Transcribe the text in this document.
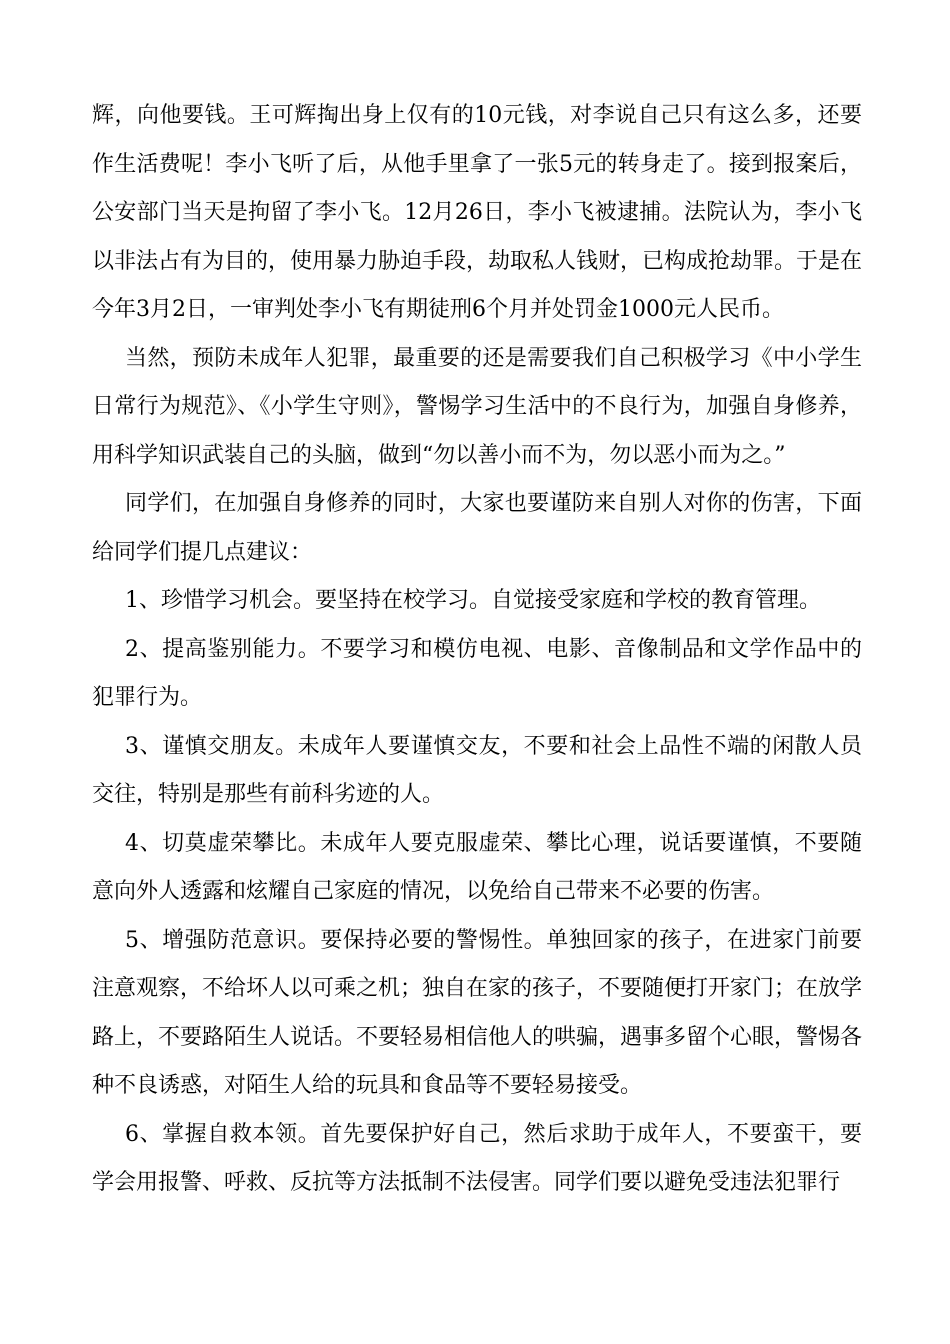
辉，向他要钱。王可辉掏出身上仅有的10元钱，对李说自己只有这么多，还要作生活费呢！李小飞听了后，从他手里拿了一张5元的转身走了。接到报案后，公安部门当天是拘留了李小飞。12月26日，李小飞被逮捕。法院认为，李小飞以非法占有为目的，使用暴力胁迫手段，劫取私人钱财，已构成抢劫罪。于是在今年3月2日，一审判处李小飞有期徒刑6个月并处罚金1000元人民币。

当然，预防未成年人犯罪，最重要的还是需要我们自己积极学习《中小学生日常行为规范》、《小学生守则》，警惕学习生活中的不良行为，加强自身修养，用科学知识武装自己的头脑，做到“勿以善小而不为，勿以恶小而为之。”

同学们，在加强自身修养的同时，大家也要谨防来自别人对你的伤害，下面给同学们提几点建议：

1、珍惜学习机会。要坚持在校学习。自觉接受家庭和学校的教育管理。

2、提高鉴别能力。不要学习和模仿电视、电影、音像制品和文学作品中的犯罪行为。

3、谨慎交朋友。未成年人要谨慎交友，不要和社会上品性不端的闲散人员交往，特别是那些有前科劣迹的人。

4、切莫虚荣攀比。未成年人要克服虚荣、攀比心理，说话要谨慎，不要随意向外人透露和炫耀自己家庭的情况，以免给自己带来不必要的伤害。

5、增强防范意识。要保持必要的警惕性。单独回家的孩子，在进家门前要注意观察，不给坏人以可乘之机；独自在家的孩子，不要随便打开家门；在放学路上，不要路陌生人说话。不要轻易相信他人的哄骗，遇事多留个心眼，警惕各种不良诱惑，对陌生人给的玩具和食品等不要轻易接受。

6、掌握自救本领。首先要保护好自己，然后求助于成年人，不要蛮干，要学会用报警、呼救、反抗等方法抵制不法侵害。同学们要以避免受违法犯罪行
